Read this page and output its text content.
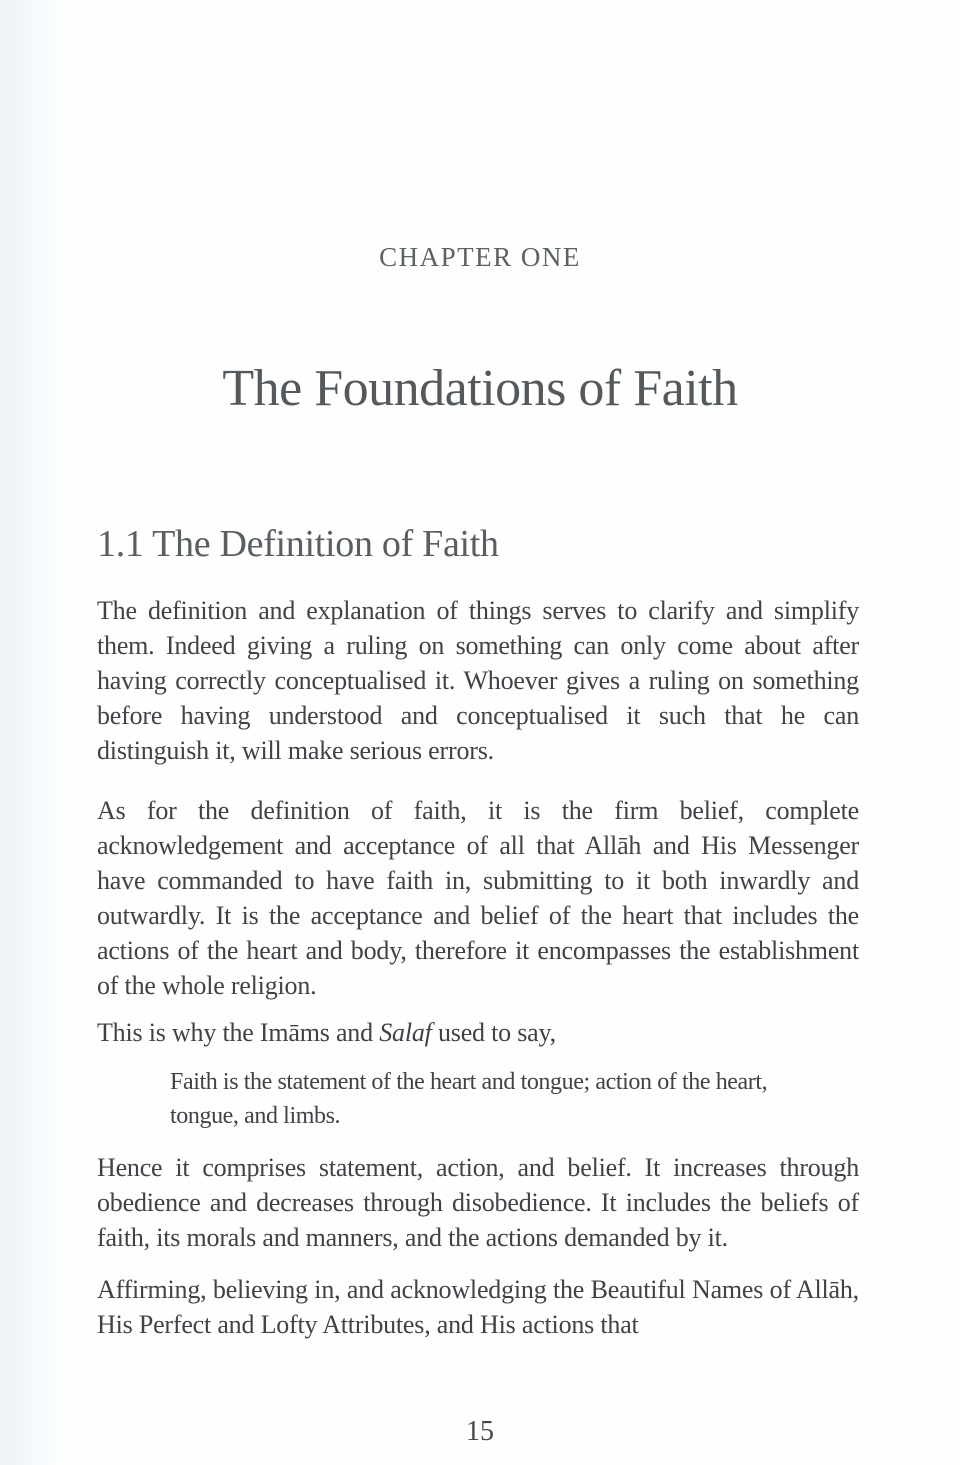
CHAPTER ONE
The Foundations of Faith
1.1 The Definition of Faith

The definition and explanation of things serves to clarify and simplify them. Indeed giving a ruling on something can only come about after having correctly conceptualised it. Whoever gives a ruling on something before having understood and conceptualised it such that he can distinguish it, will make serious errors.

As for the definition of faith, it is the firm belief, complete acknowledgement and acceptance of all that Allāh and His Messenger have commanded to have faith in, submitting to it both inwardly and outwardly. It is the acceptance and belief of the heart that includes the actions of the heart and body, therefore it encompasses the establishment of the whole religion.

This is why the Imāms and Salaf used to say,

Faith is the statement of the heart and tongue; action of the heart, tongue, and limbs.

Hence it comprises statement, action, and belief. It increases through obedience and decreases through disobedience. It includes the beliefs of faith, its morals and manners, and the actions demanded by it.

Affirming, believing in, and acknowledging the Beautiful Names of Allāh, His Perfect and Lofty Attributes, and His actions that

15
